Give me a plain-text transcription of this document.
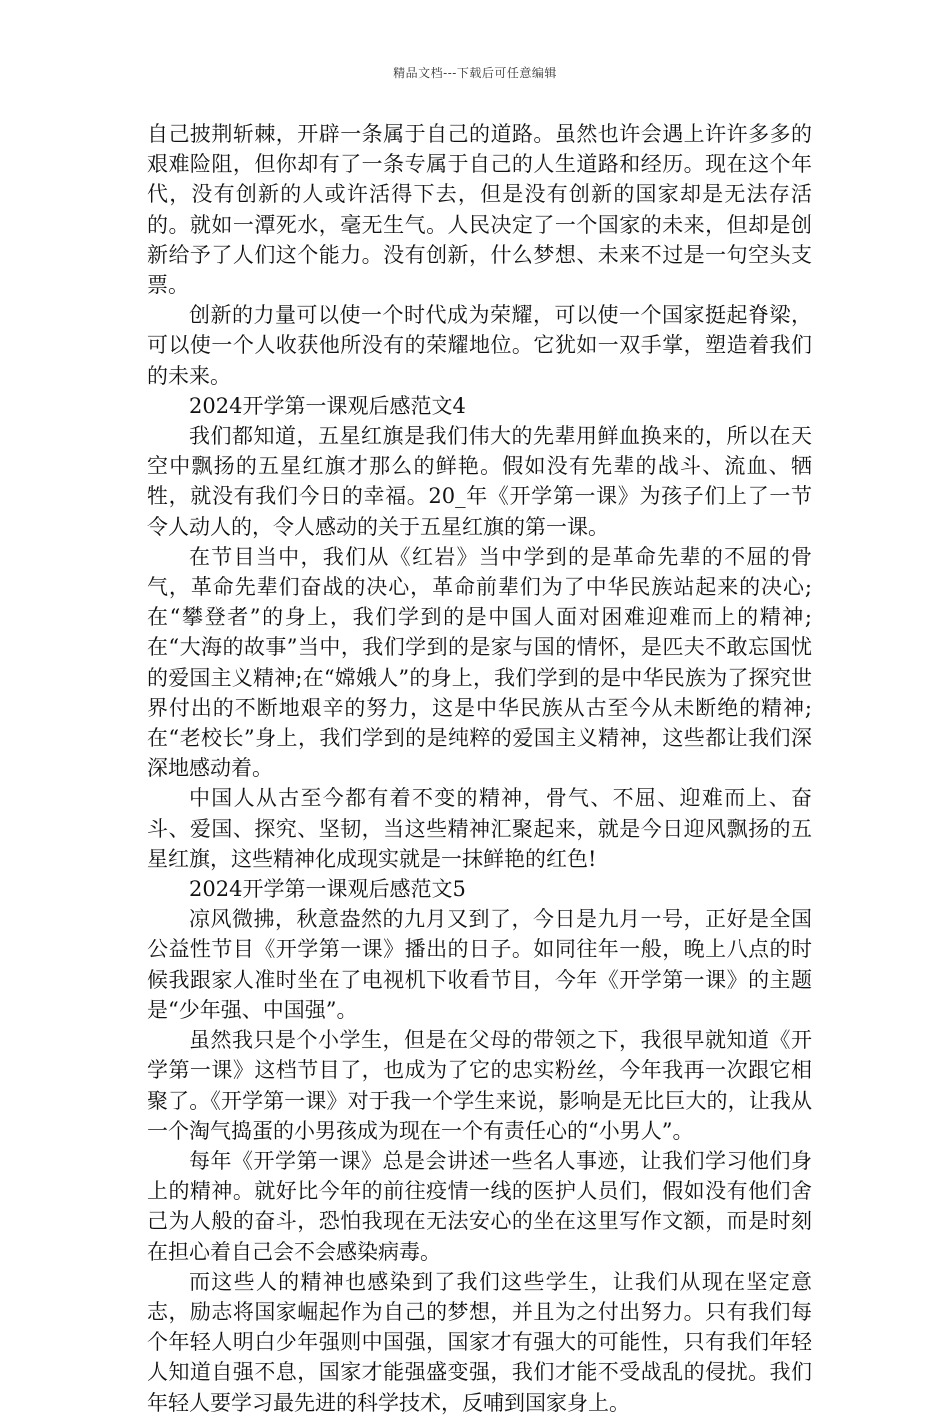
精品文档---下载后可任意编辑

自己披荆斩棘，开辟一条属于自己的道路。虽然也许会遇上许许多多的艰难险阻，但你却有了一条专属于自己的人生道路和经历。现在这个年代，没有创新的人或许活得下去，但是没有创新的国家却是无法存活的。就如一潭死水，毫无生气。人民决定了一个国家的未来，但却是创新给予了人们这个能力。没有创新，什么梦想、未来不过是一句空头支票。

创新的力量可以使一个时代成为荣耀，可以使一个国家挺起脊梁，可以使一个人收获他所没有的荣耀地位。它犹如一双手掌，塑造着我们的未来。

2024开学第一课观后感范文4

我们都知道，五星红旗是我们伟大的先辈用鲜血换来的，所以在天空中飘扬的五星红旗才那么的鲜艳。假如没有先辈的战斗、流血、牺牲，就没有我们今日的幸福。20_年《开学第一课》为孩子们上了一节令人动人的，令人感动的关于五星红旗的第一课。

在节目当中，我们从《红岩》当中学到的是革命先辈的不屈的骨气，革命先辈们奋战的决心，革命前辈们为了中华民族站起来的决心;在“攀登者”的身上，我们学到的是中国人面对困难迎难而上的精神;在“大海的故事”当中，我们学到的是家与国的情怀，是匹夫不敢忘国忧的爱国主义精神;在“嫦娥人”的身上，我们学到的是中华民族为了探究世界付出的不断地艰辛的努力，这是中华民族从古至今从未断绝的精神;在“老校长”身上，我们学到的是纯粹的爱国主义精神，这些都让我们深深地感动着。

中国人从古至今都有着不变的精神，骨气、不屈、迎难而上、奋斗、爱国、探究、坚韧，当这些精神汇聚起来，就是今日迎风飘扬的五星红旗，这些精神化成现实就是一抹鲜艳的红色!

2024开学第一课观后感范文5

凉风微拂，秋意盎然的九月又到了，今日是九月一号，正好是全国公益性节目《开学第一课》播出的日子。如同往年一般，晚上八点的时候我跟家人准时坐在了电视机下收看节目，今年《开学第一课》的主题是“少年强、中国强”。

虽然我只是个小学生，但是在父母的带领之下，我很早就知道《开学第一课》这档节目了，也成为了它的忠实粉丝，今年我再一次跟它相聚了。《开学第一课》对于我一个学生来说，影响是无比巨大的，让我从一个淘气捣蛋的小男孩成为现在一个有责任心的“小男人”。

每年《开学第一课》总是会讲述一些名人事迹，让我们学习他们身上的精神。就好比今年的前往疫情一线的医护人员们，假如没有他们舍己为人般的奋斗，恐怕我现在无法安心的坐在这里写作文额，而是时刻在担心着自己会不会感染病毒。

而这些人的精神也感染到了我们这些学生，让我们从现在坚定意志，励志将国家崛起作为自己的梦想，并且为之付出努力。只有我们每个年轻人明白少年强则中国强，国家才有强大的可能性，只有我们年轻人知道自强不息，国家才能强盛变强，我们才能不受战乱的侵扰。我们年轻人要学习最先进的科学技术，反哺到国家身上。
